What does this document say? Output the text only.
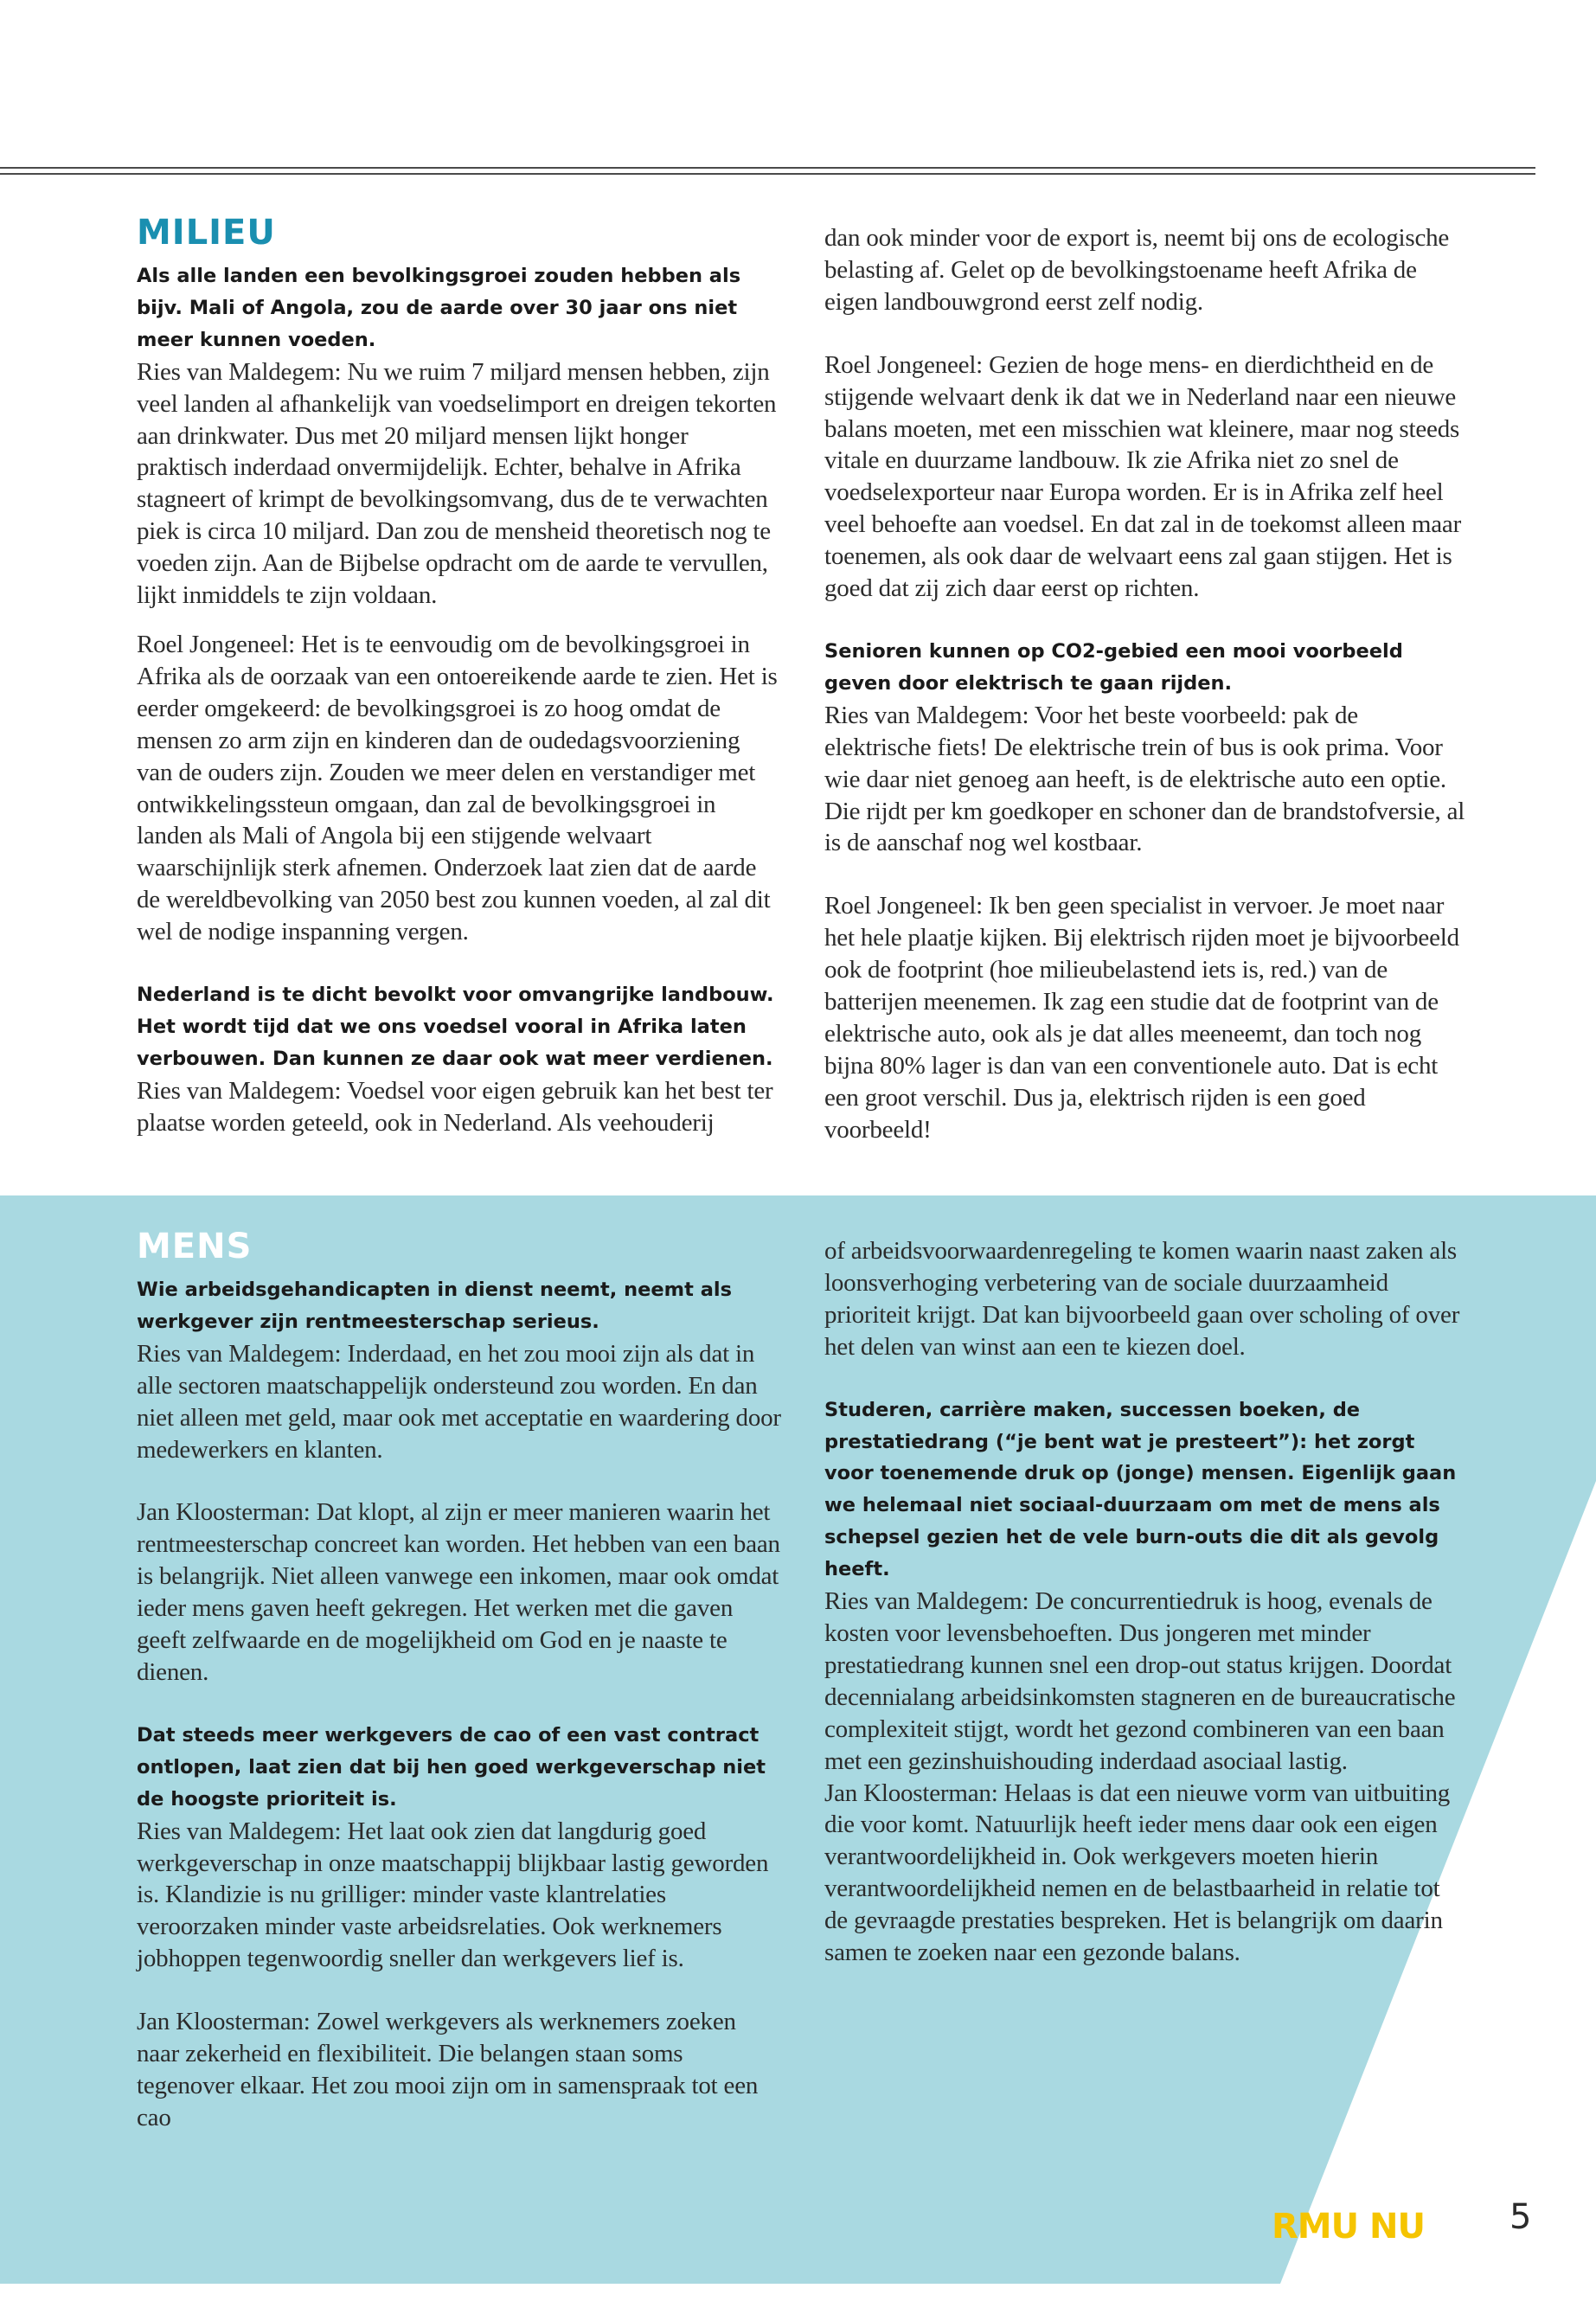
MILIEU

Als alle landen een bevolkingsgroei zouden hebben als bijv. Mali of Angola, zou de aarde over 30 jaar ons niet meer kunnen voeden.

Ries van Maldegem: Nu we ruim 7 miljard mensen hebben, zijn veel landen al afhankelijk van voedselimport en dreigen tekorten aan drinkwater. Dus met 20 miljard mensen lijkt honger praktisch inderdaad onvermijdelijk. Echter, behalve in Afrika stagneert of krimpt de bevolkingsomvang, dus de te verwachten piek is circa 10 miljard. Dan zou de mensheid theoretisch nog te voeden zijn. Aan de Bijbelse opdracht om de aarde te vervullen, lijkt inmiddels te zijn voldaan.

Roel Jongeneel: Het is te eenvoudig om de bevolkingsgroei in Afrika als de oorzaak van een ontoereikende aarde te zien. Het is eerder omgekeerd: de bevolkingsgroei is zo hoog omdat de mensen zo arm zijn en kinderen dan de oudedagsvoorziening van de ouders zijn. Zouden we meer delen en verstandiger met ontwikkelingssteun omgaan, dan zal de bevolkingsgroei in landen als Mali of Angola bij een stijgende welvaart waarschijnlijk sterk afnemen. Onderzoek laat zien dat de aarde de wereldbevolking van 2050 best zou kunnen voeden, al zal dit wel de nodige inspanning vergen.

Nederland is te dicht bevolkt voor omvangrijke landbouw. Het wordt tijd dat we ons voedsel vooral in Afrika laten verbouwen. Dan kunnen ze daar ook wat meer verdienen.

Ries van Maldegem: Voedsel voor eigen gebruik kan het best ter plaatse worden geteeld, ook in Nederland. Als veehouderij

dan ook minder voor de export is, neemt bij ons de ecologische belasting af. Gelet op de bevolkingstoename heeft Afrika de eigen landbouwgrond eerst zelf nodig.

Roel Jongeneel: Gezien de hoge mens- en dierdichtheid en de stijgende welvaart denk ik dat we in Nederland naar een nieuwe balans moeten, met een misschien wat kleinere, maar nog steeds vitale en duurzame landbouw. Ik zie Afrika niet zo snel de voedselexporteur naar Europa worden. Er is in Afrika zelf heel veel behoefte aan voedsel. En dat zal in de toekomst alleen maar toenemen, als ook daar de welvaart eens zal gaan stijgen. Het is goed dat zij zich daar eerst op richten.

Senioren kunnen op CO2-gebied een mooi voorbeeld geven door elektrisch te gaan rijden.

Ries van Maldegem: Voor het beste voorbeeld: pak de elektrische fiets! De elektrische trein of bus is ook prima. Voor wie daar niet genoeg aan heeft, is de elektrische auto een optie. Die rijdt per km goedkoper en schoner dan de brandstofversie, al is de aanschaf nog wel kostbaar.

Roel Jongeneel: Ik ben geen specialist in vervoer. Je moet naar het hele plaatje kijken. Bij elektrisch rijden moet je bijvoorbeeld ook de footprint (hoe milieubelastend iets is, red.) van de batterijen meenemen. Ik zag een studie dat de footprint van de elektrische auto, ook als je dat alles meeneemt, dan toch nog bijna 80% lager is dan van een conventionele auto. Dat is echt een groot verschil. Dus ja, elektrisch rijden is een goed voorbeeld!

MENS

Wie arbeidsgehandicapten in dienst neemt, neemt als werkgever zijn rentmeesterschap serieus.

Ries van Maldegem: Inderdaad, en het zou mooi zijn als dat in alle sectoren maatschappelijk ondersteund zou worden. En dan niet alleen met geld, maar ook met acceptatie en waardering door medewerkers en klanten.

Jan Kloosterman: Dat klopt, al zijn er meer manieren waarin het rentmeesterschap concreet kan worden. Het hebben van een baan is belangrijk. Niet alleen vanwege een inkomen, maar ook omdat ieder mens gaven heeft gekregen. Het werken met die gaven geeft zelfwaarde en de mogelijkheid om God en je naaste te dienen.

Dat steeds meer werkgevers de cao of een vast contract ontlopen, laat zien dat bij hen goed werkgeverschap niet de hoogste prioriteit is.

Ries van Maldegem: Het laat ook zien dat langdurig goed werkgeverschap in onze maatschappij blijkbaar lastig geworden is. Klandizie is nu grilliger: minder vaste klantrelaties veroorzaken minder vaste arbeidsrelaties. Ook werknemers jobhoppen tegenwoordig sneller dan werkgevers lief is.

Jan Kloosterman: Zowel werkgevers als werknemers zoeken naar zekerheid en flexibiliteit. Die belangen staan soms tegenover elkaar. Het zou mooi zijn om in samenspraak tot een cao

of arbeidsvoorwaardenregeling te komen waarin naast zaken als loonsverhoging verbetering van de sociale duurzaamheid prioriteit krijgt. Dat kan bijvoorbeeld gaan over scholing of over het delen van winst aan een te kiezen doel.

Studeren, carrière maken, successen boeken, de prestatiedrang (“je bent wat je presteert”): het zorgt voor toenemende druk op (jonge) mensen. Eigenlijk gaan we helemaal niet sociaal-duurzaam om met de mens als schepsel gezien het de vele burn-outs die dit als gevolg heeft.

Ries van Maldegem: De concurrentiedruk is hoog, evenals de kosten voor levensbehoeften. Dus jongeren met minder prestatiedrang kunnen snel een drop-out status krijgen. Doordat decennialang arbeidsinkomsten stagneren en de bureaucratische complexiteit stijgt, wordt het gezond combineren van een baan met een gezinshuishouding inderdaad asociaal lastig.

Jan Kloosterman: Helaas is dat een nieuwe vorm van uitbuiting die voor komt. Natuurlijk heeft ieder mens daar ook een eigen verantwoordelijkheid in. Ook werkgevers moeten hierin verantwoordelijkheid nemen en de belastbaarheid in relatie tot de gevraagde prestaties bespreken. Het is belangrijk om daarin samen te zoeken naar een gezonde balans.

RMU NU 5
